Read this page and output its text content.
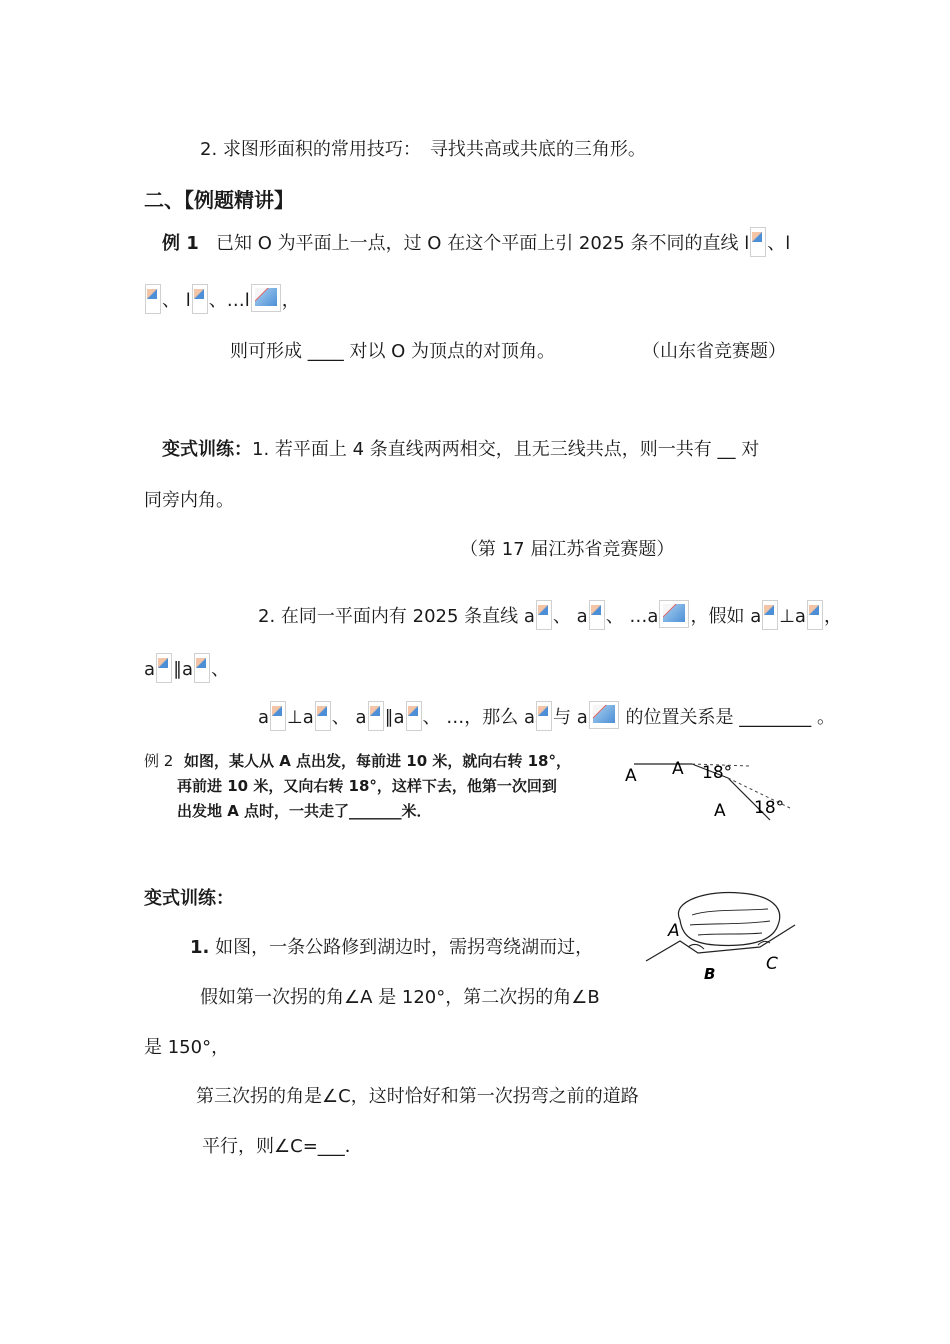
2. 求图形面积的常用技巧：　寻找共高或共底的三角形。
二、【例题精讲】
例 1 已知 O 为平面上一点，过 O 在这个平面上引 2025 条不同的直线 l 、l
、 l 、…l ，
则可形成 ____ 对以 O 为顶点的对顶角。	（山东省竞赛题）
变式训练：1. 若平面上 4 条直线两两相交，且无三线共点，则一共有 __ 对
同旁内角。
（第 17 届江苏省竞赛题）
2. 在同一平面内有 2025 条直线 a 、 a 、 …a ，假如 a ⊥a ，
a ∥a 、
a ⊥a 、 a ∥a 、 …，那么 a 与 a 的位置关系是 ________ 。
例 2 如图，某人从 A 点出发，每前进 10 米，就向右转 18°，
再前进 10 米，又向右转 18°，这样下去，他第一次回到
出发地 A 点时，一共走了_______米．
A A
A
18°
18°
变式训练：
1. 如图，一条公路修到湖边时，需拐弯绕湖而过，
假如第一次拐的角∠A 是 120°，第二次拐的角∠B
是 150°，
第三次拐的角是∠C，这时恰好和第一次拐弯之前的道路
平行，则∠C=___．
A
B	C
